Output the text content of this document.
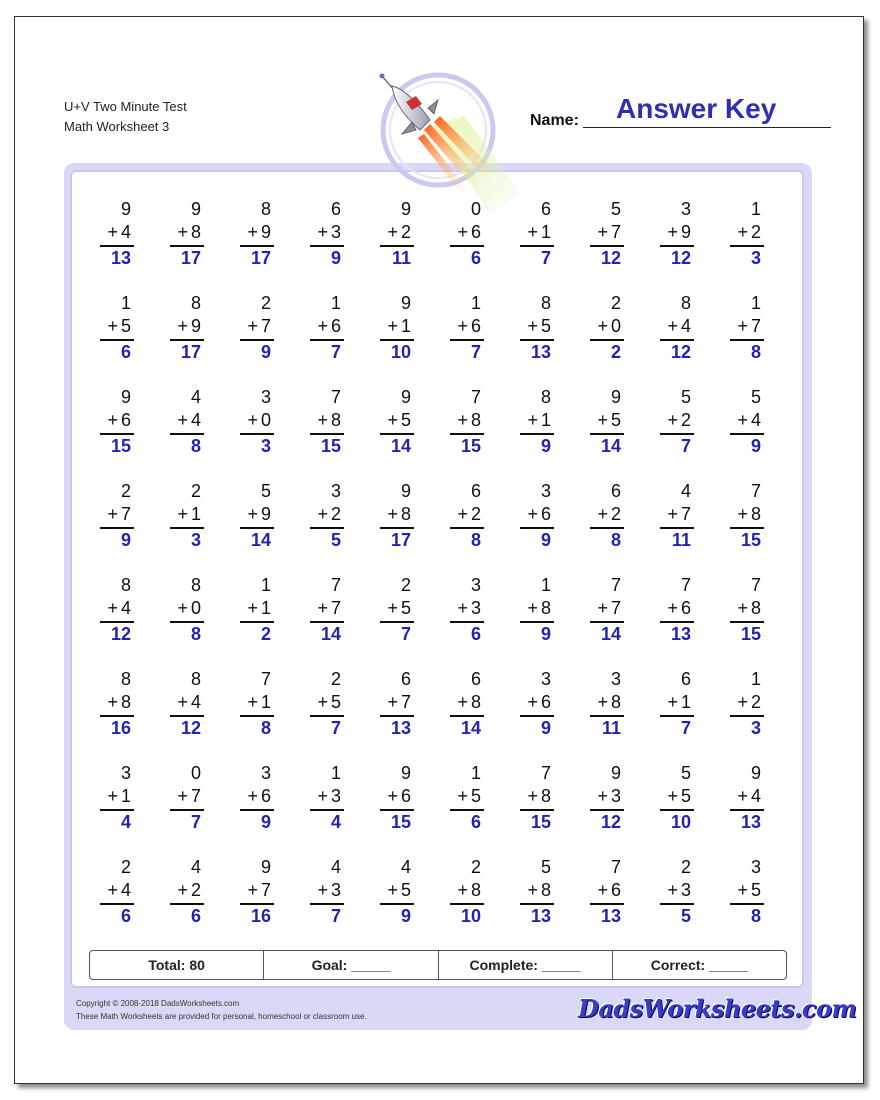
U+V Two Minute Test
Math Worksheet 3	Name: Answer Key
9
+ 4
13
9
+ 8
17
8
+ 9
17
6
+ 3
9
9
+ 2
11
0
+ 6
6
6
+ 1
7
5
+ 7
12
3
+ 9
12
1
+ 2
3
1
+ 5
6
8
+ 9
17
2
+ 7
9
1
+ 6
7
9
+ 1
10
1
+ 6
7
8
+ 5
13
2
+ 0
2
8
+ 4
12
1
+ 7
8
9
+ 6
15
4
+ 4
8
3
+ 0
3
7
+ 8
15
9
+ 5
14
7
+ 8
15
8
+ 1
9
9
+ 5
14
5
+ 2
7
5
+ 4
9
2
+ 7
9
2
+ 1
3
5
+ 9
14
3
+ 2
5
9
+ 8
17
6
+ 2
8
3
+ 6
9
6
+ 2
8
4
+ 7
11
7
+ 8
15
8
+ 4
12
8
+ 0
8
1
+ 1
2
7
+ 7
14
2
+ 5
7
3
+ 3
6
1
+ 8
9
7
+ 7
14
7
+ 6
13
7
+ 8
15
8
+ 8
16
8
+ 4
12
7
+ 1
8
2
+ 5
7
6
+ 7
13
6
+ 8
14
3
+ 6
9
3
+ 8
11
6
+ 1
7
1
+ 2
3
3
+ 1
4
0
+ 7
7
3
+ 6
9
1
+ 3
4
9
+ 6
15
1
+ 5
6
7
+ 8
15
9
+ 3
12
5
+ 5
10
9
+ 4
13
2
+ 4
6
4
+ 2
6
9
+ 7
16
4
+ 3
7
4
+ 5
9
2
+ 8
10
5
+ 8
13
7
+ 6
13
2
+ 3
5
3
+ 5
8
Total: 80	Goal: _____	Complete: _____	Correct: _____
Copyright © 2008-2018 DadsWorksheets.com
These Math Worksheets are provided for personal, homeschool or classroom use.	DadsWorksheets.com
